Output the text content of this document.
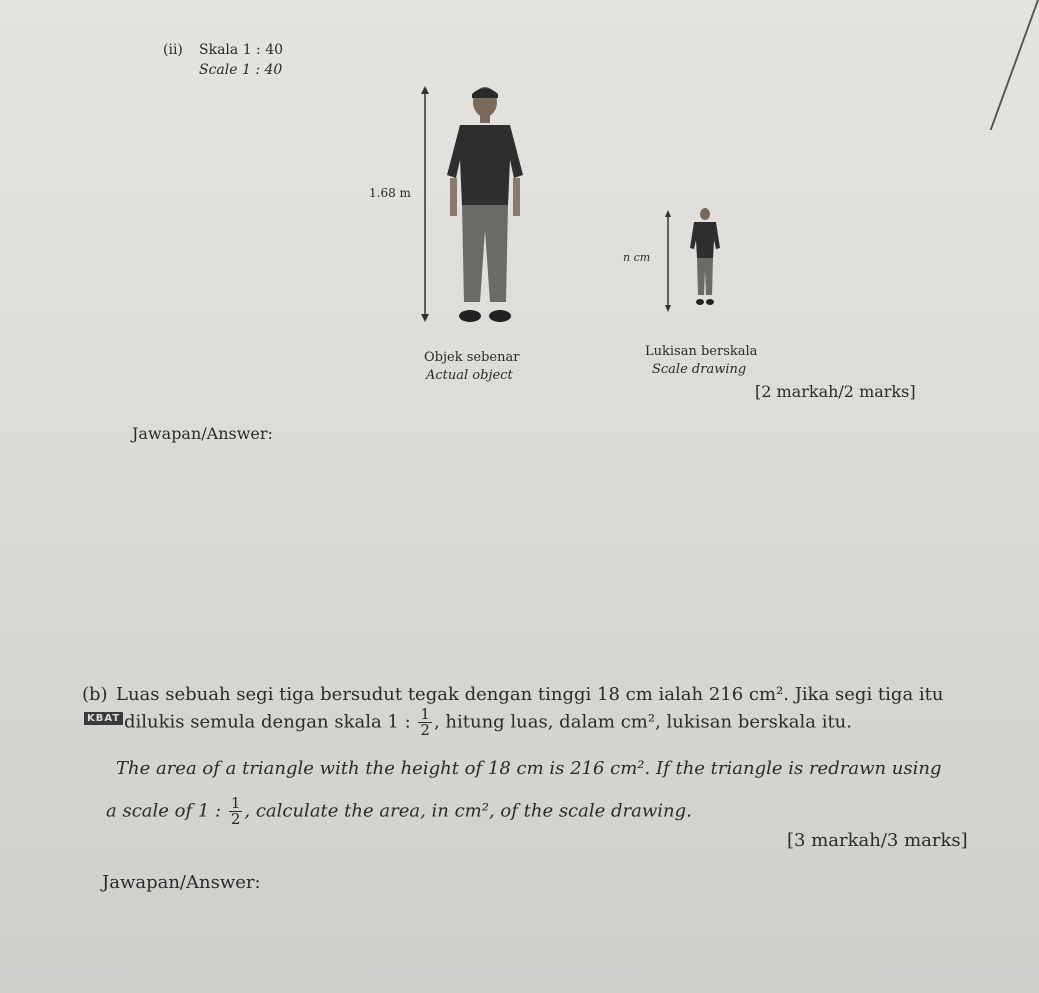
(ii) Skala 1 : 40
Scale 1 : 40
1.68 m
n cm
Objek sebenar
Actual object
Lukisan berskala
Scale drawing
[2 markah/2 marks]
Jawapan/Answer:
(b) Luas sebuah segi tiga bersudut tegak dengan tinggi 18 cm ialah 216 cm². Jika segi tiga itu
KBAT dilukis semula dengan skala 1 : $\frac{1}{2}$ , hitung luas, dalam cm², lukisan berskala itu.
The area of a triangle with the height of 18 cm is 216 cm². If the triangle is redrawn using
a scale of 1 : $\frac{1}{2}$ , calculate the area, in cm², of the scale drawing.
[3 markah/3 marks]
Jawapan/Answer:
